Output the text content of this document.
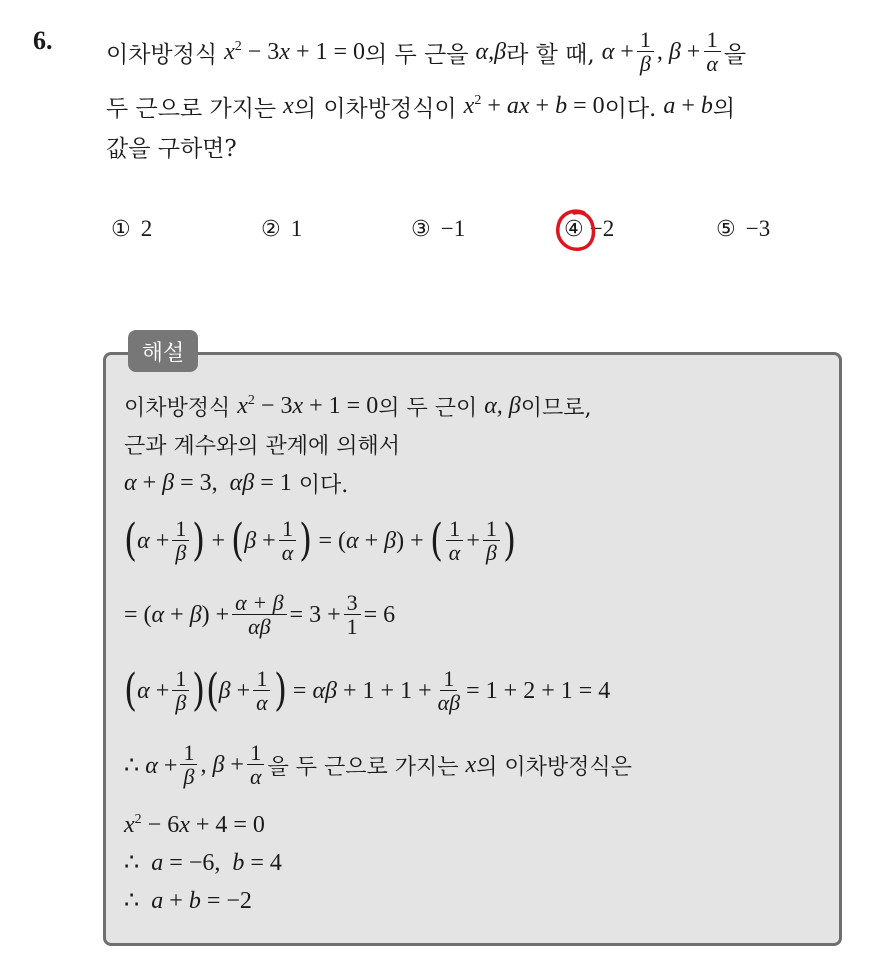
6. 이차방정식 $x^2 - 3x + 1 = 0$ 의 두 근을 α,β 라 할 때, $\alpha + \frac{1}{\beta}$ , $\beta + \frac{1}{\alpha}$ 을
두 근으로 가지는 x 의 이차방정식이 $x^2$ + ax + b = 0 이다. a + b 의
값을 구하면?
① 2	② 1	③ −1	④ −2	⑤ −3
해설
이차방정식 $x^2 - 3x + 1 = 0$ 의 두 근이 α, β 이므로,
근과 계수와의 관계에 의해서
α + β = 3,  αβ = 1 이다.
( $\alpha + \frac{1}{\beta}$ ) + ( $\beta + \frac{1}{\alpha}$ ) = (α + β) + ( $\frac{1}{\alpha} + \frac{1}{\beta}$ )
= $(\alpha + \beta) + \frac{\alpha + \beta}{\alpha\beta} = 3 + \frac{3}{1} = 6$
( $\alpha + \frac{1}{\beta}$ ) ( $\beta + \frac{1}{\alpha}$ ) = $\alpha\beta + 1 + 1 + \frac{1}{\alpha\beta} = 1 + 2 + 1 = 4$
∴ $\alpha + \frac{1}{\beta}$ , $\beta + \frac{1}{\alpha}$ 을 두 근으로 가지는 x 의 이차방정식은
$x^2 - 6x + 4 = 0$
∴  a = −6,  b = 4
∴  a + b = −2
